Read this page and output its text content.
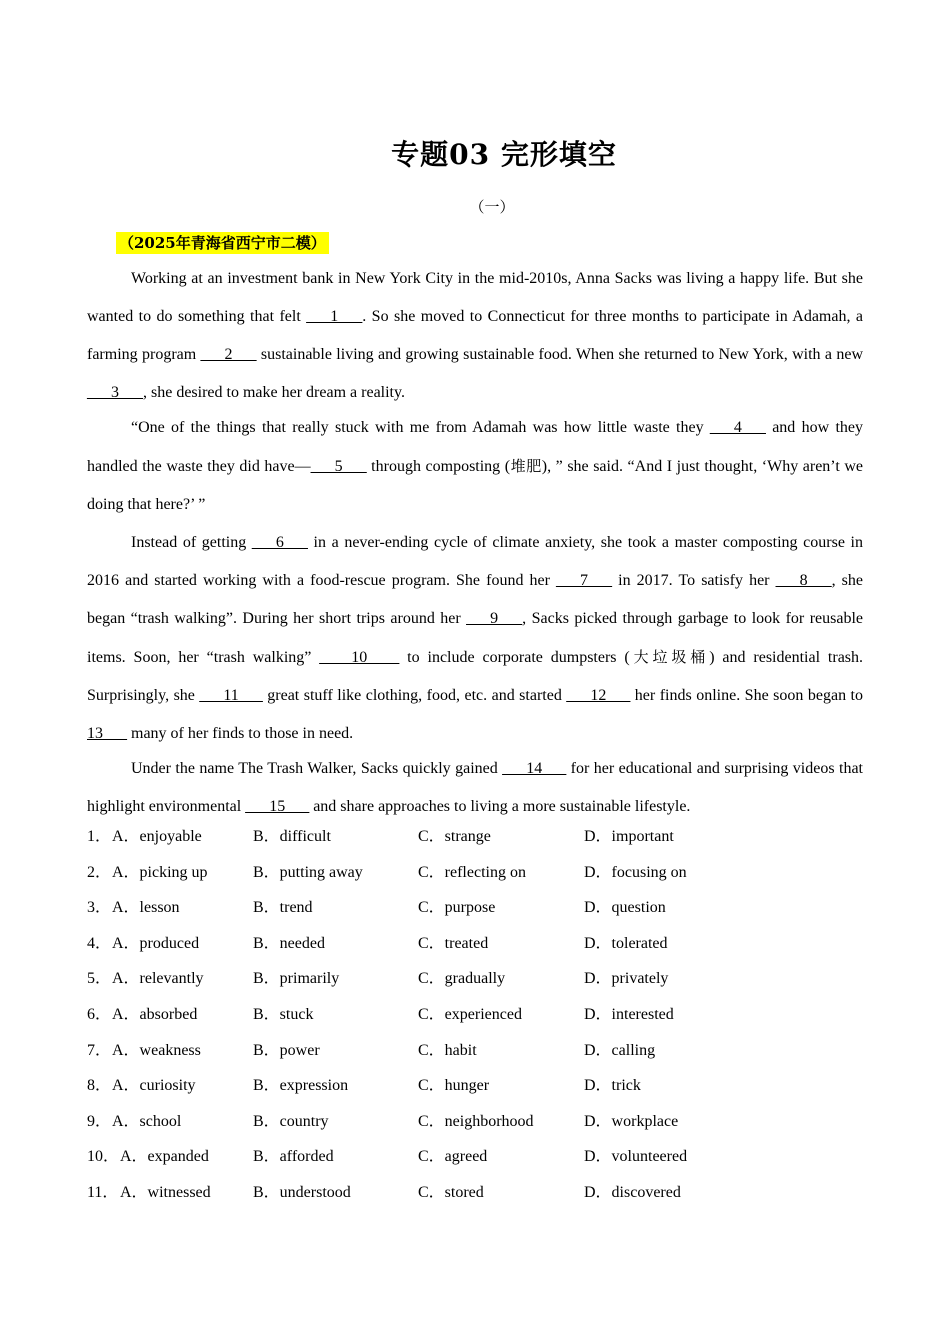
专题03 完形填空
（一）
（2025年青海省西宁市二模）

Working at an investment bank in New York City in the mid-2010s, Anna Sacks was living a happy life. But she wanted to do something that felt ___1___. So she moved to Connecticut for three months to participate in Adamah, a farming program ___2___ sustainable living and growing sustainable food. When she returned to New York, with a new ___3___, she desired to make her dream a reality.

“One of the things that really stuck with me from Adamah was how little waste they ___4___ and how they handled the waste they did have—___5___ through composting (堆肥), ” she said. “And I just thought, ‘Why aren’t we doing that here?’ ”

Instead of getting ___6___ in a never-ending cycle of climate anxiety, she took a master composting course in 2016 and started working with a food-rescue program. She found her ___7___ in 2017. To satisfy her ___8___, she began “trash walking”. During her short trips around her ___9___, Sacks picked through garbage to look for reusable items. Soon, her “trash walking” ____10____ to include corporate dumpsters (大垃圾桶) and residential trash. Surprisingly, she ___11___ great stuff like clothing, food, etc. and started ___12___ her finds online. She soon began to 13___ many of her finds to those in need.

Under the name The Trash Walker, Sacks quickly gained ___14___ for her educational and surprising videos that highlight environmental ___15___ and share approaches to living a more sustainable lifestyle.

1． A．enjoyable	B．difficult	C．strange	D．important
2． A．picking up	B．putting away	C．reflecting on	D．focusing on
3． A．lesson	B．trend	C．purpose	D．question
4． A．produced	B．needed	C．treated	D．tolerated
5． A．relevantly	B．primarily	C．gradually	D．privately
6． A．absorbed	B．stuck	C．experienced	D．interested
7． A．weakness	B．power	C．habit	D．calling
8． A．curiosity	B．expression	C．hunger	D．trick
9． A．school	B．country	C．neighborhood	D．workplace
10． A．expanded	B．afforded	C．agreed	D．volunteered
11． A．witnessed	B．understood	C．stored	D．discovered
